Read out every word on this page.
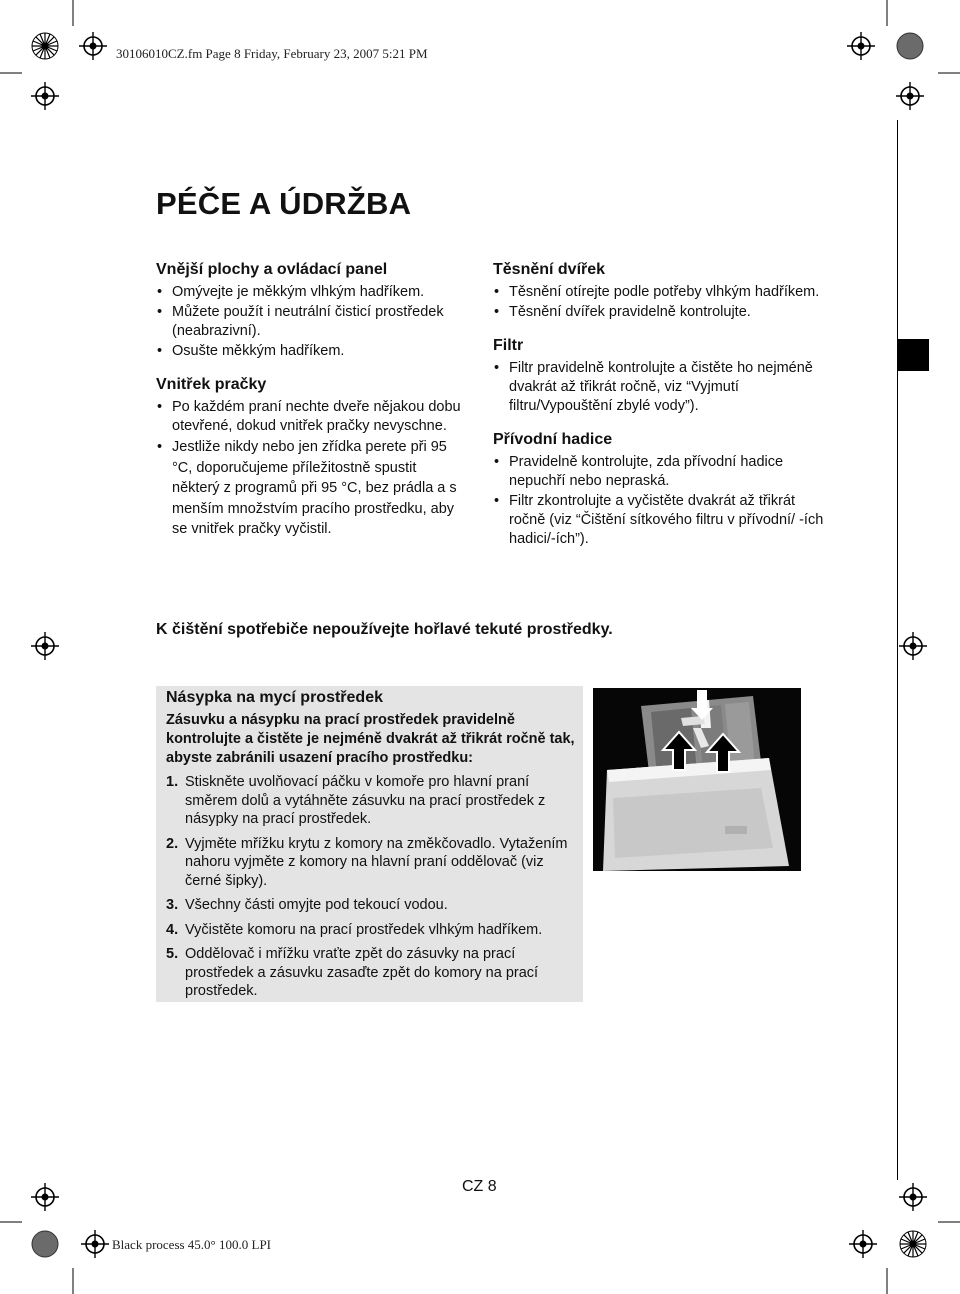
30106010CZ.fm Page 8 Friday, February 23, 2007 5:21 PM
PÉČE A ÚDRŽBA
Vnější plochy a ovládací panel
• Omývejte je měkkým vlhkým hadříkem.
• Můžete použít i neutrální čisticí prostředek (neabrazivní).
• Osušte měkkým hadříkem.
Vnitřek pračky
• Po každém praní nechte dveře nějakou dobu otevřené, dokud vnitřek pračky nevyschne.
• Jestliže nikdy nebo jen zřídka perete při 95 °C, doporučujeme příležitostně spustit některý z programů při 95 °C, bez prádla a s menším množstvím pracího prostředku, aby se vnitřek pračky vyčistil.
Těsnění dvířek
• Těsnění otírejte podle potřeby vlhkým hadříkem.
• Těsnění dvířek pravidelně kontrolujte.
Filtr
• Filtr pravidelně kontrolujte a čistěte ho nejméně dvakrát až třikrát ročně, viz “Vyjmutí filtru/Vypouštění zbylé vody”).
Přívodní hadice
• Pravidelně kontrolujte, zda přívodní hadice nepuchří nebo nepraská.
• Filtr zkontrolujte a vyčistěte dvakrát až třikrát ročně (viz “Čištění sítkového filtru v přívodní/ -ích hadici/-ích”).
K čištění spotřebiče nepoužívejte hořlavé tekuté prostředky.
Násypka na mycí prostředek
Zásuvku a násypku na prací prostředek pravidelně kontrolujte a čistěte je nejméně dvakrát až třikrát ročně tak, abyste zabránili usazení pracího prostředku:
1. Stiskněte uvolňovací páčku v komoře pro hlavní praní směrem dolů a vytáhněte zásuvku na prací prostředek z násypky na prací prostředek.
2. Vyjměte mřížku krytu z komory na změkčovadlo. Vytažením nahoru vyjměte z komory na hlavní praní oddělovač (viz černé šipky).
3. Všechny části omyjte pod tekoucí vodou.
4. Vyčistěte komoru na prací prostředek vlhkým hadříkem.
5. Oddělovač i mřížku vraťte zpět do zásuvky na prací prostředek a zásuvku zasaďte zpět do komory na prací prostředek.
CZ 8
Black process 45.0° 100.0 LPI
